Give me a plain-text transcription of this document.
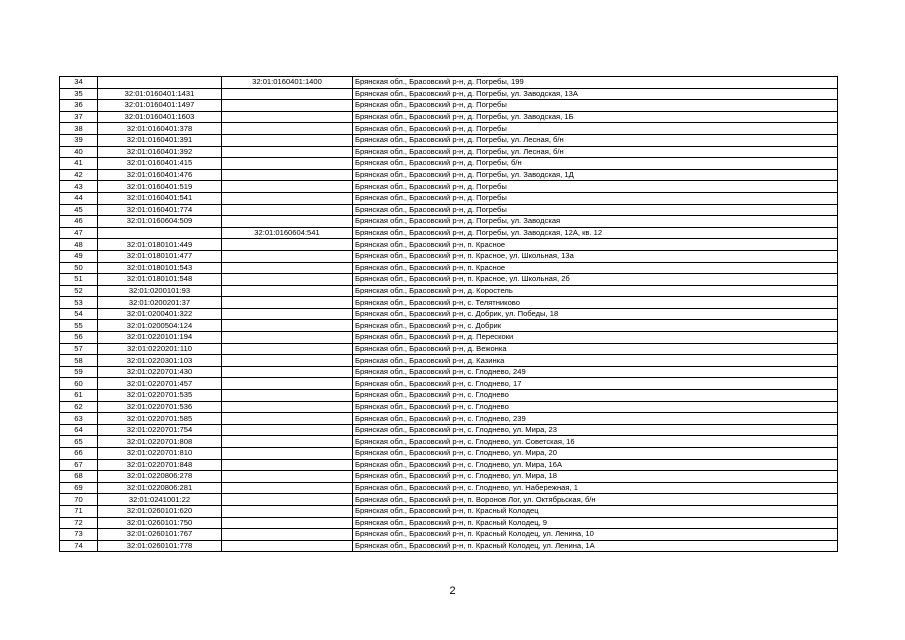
34		32:01:0160401:1400	Брянская обл., Брасовский р-н, д. Погребы, 199
35	32:01:0160401:1431		Брянская обл., Брасовский р-н, д. Погребы, ул. Заводская, 13А
36	32:01:0160401:1497		Брянская обл., Брасовский р-н, д. Погребы
37	32:01:0160401:1603		Брянская обл., Брасовский р-н, д. Погребы, ул. Заводская, 1Б
38	32:01:0160401:378		Брянская обл., Брасовский р-н, д. Погребы
39	32:01:0160401:391		Брянская обл., Брасовский р-н, д. Погребы, ул. Лесная, б/н
40	32:01:0160401:392		Брянская обл., Брасовский р-н, д. Погребы, ул. Лесная, б/н
41	32:01:0160401:415		Брянская обл., Брасовский р-н, д. Погребы, б/н
42	32:01:0160401:476		Брянская обл., Брасовский р-н, д. Погребы, ул. Заводская, 1Д
43	32:01:0160401:519		Брянская обл., Брасовский р-н, д. Погребы
44	32:01:0160401:541		Брянская обл., Брасовский р-н, д. Погребы
45	32:01:0160401:774		Брянская обл., Брасовский р-н, д. Погребы
46	32:01:0160604:509		Брянская обл., Брасовский р-н, д. Погребы, ул. Заводская
47		32:01:0160604:541	Брянская обл., Брасовский р-н, д. Погребы, ул. Заводская, 12А, кв. 12
48	32:01:0180101:449		Брянская обл., Брасовский р-н, п. Красное
49	32:01:0180101:477		Брянская обл., Брасовский р-н, п. Красное, ул. Школьная, 13а
50	32:01:0180101:543		Брянская обл., Брасовский р-н, п. Красное
51	32:01:0180101:548		Брянская обл., Брасовский р-н, п. Красное, ул. Школьная, 2б
52	32:01:0200101:93		Брянская обл., Брасовский р-н, д. Коростель
53	32:01:0200201:37		Брянская обл., Брасовский р-н, с. Телятниково
54	32:01:0200401:322		Брянская обл., Брасовский р-н, с. Добрик, ул. Победы, 18
55	32:01:0200504:124		Брянская обл., Брасовский р-н, с. Добрик
56	32:01:0220101:194		Брянская обл., Брасовский р-н, д. Перескоки
57	32:01:0220201:110		Брянская обл., Брасовский р-н, д. Вежонка
58	32:01:0220301:103		Брянская обл., Брасовский р-н, д. Казинка
59	32:01:0220701:430		Брянская обл., Брасовский р-н, с. Глоднево, 249
60	32:01:0220701:457		Брянская обл., Брасовский р-н, с. Глоднево, 17
61	32:01:0220701:535		Брянская обл., Брасовский р-н, с. Глоднево
62	32:01:0220701:536		Брянская обл., Брасовский р-н, с. Глоднево
63	32:01:0220701:585		Брянская обл., Брасовский р-н, с. Глоднево, 239
64	32:01:0220701:754		Брянская обл., Брасовский р-н, с. Глоднево, ул. Мира, 23
65	32:01:0220701:808		Брянская обл., Брасовский р-н, с. Глоднево, ул. Советская, 16
66	32:01:0220701:810		Брянская обл., Брасовский р-н, с. Глоднево, ул. Мира, 20
67	32:01:0220701:848		Брянская обл., Брасовский р-н, с. Глоднево, ул. Мира, 16А
68	32:01:0220806:278		Брянская обл., Брасовский р-н, с. Глоднево, ул. Мира, 18
69	32:01:0220806:281		Брянская обл., Брасовский р-н, с. Глоднево, ул. Набережная, 1
70	32:01:0241001:22		Брянская обл., Брасовский р-н, п. Воронов Лог, ул. Октябрьская, б/н
71	32:01:0260101:620		Брянская обл., Брасовский р-н, п. Красный Колодец
72	32:01:0260101:750		Брянская обл., Брасовский р-н, п. Красный Колодец, 9
73	32:01:0260101:767		Брянская обл., Брасовский р-н, п. Красный Колодец, ул. Ленина, 10
74	32:01:0260101:778		Брянская обл., Брасовский р-н, п. Красный Колодец, ул. Ленина, 1А
2
